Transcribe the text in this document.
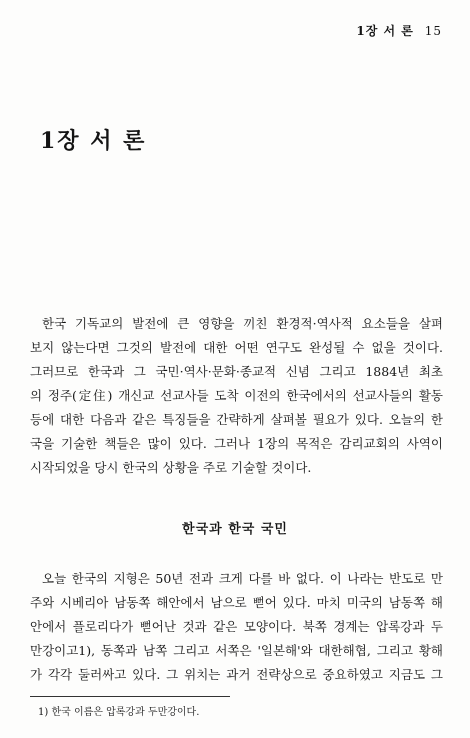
1장 서 론 15
1장 서 론
한국 기독교의 발전에 큰 영향을 끼친 환경적·역사적 요소들을 살펴
보지 않는다면 그것의 발전에 대한 어떤 연구도 완성될 수 없을 것이다.
그러므로 한국과 그 국민·역사·문화·종교적 신념 그리고 1884년 최초
의 정주(定住) 개신교 선교사들 도착 이전의 한국에서의 선교사들의 활동
등에 대한 다음과 같은 특징들을 간략하게 살펴볼 필요가 있다. 오늘의 한
국을 기술한 책들은 많이 있다. 그러나 1장의 목적은 감리교회의 사역이
시작되었을 당시 한국의 상황을 주로 기술할 것이다.
한국과 한국 국민
오늘 한국의 지형은 50년 전과 크게 다를 바 없다. 이 나라는 반도로 만
주와 시베리아 남동쪽 해안에서 남으로 뻗어 있다. 마치 미국의 남동쪽 해
안에서 플로리다가 뻗어난 것과 같은 모양이다. 북쪽 경계는 압록강과 두
만강이고1), 동쪽과 남쪽 그리고 서쪽은 '일본해'와 대한해협, 그리고 황해
가 각각 둘러싸고 있다. 그 위치는 과거 전략상으로 중요하였고 지금도 그
1) 한국 이름은 압록강과 두만강이다.
